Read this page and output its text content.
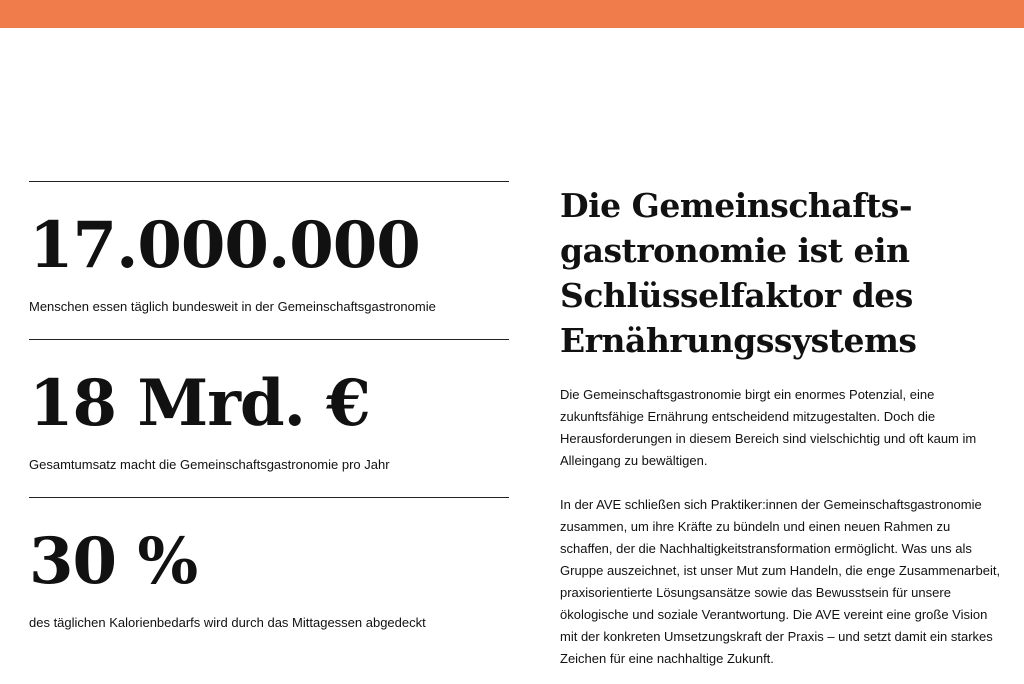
17.000.000
Menschen essen täglich bundesweit in der Gemeinschaftsgastronomie
18 Mrd. €
Gesamtumsatz macht die Gemeinschaftsgastronomie pro Jahr
30 %
des täglichen Kalorienbedarfs wird durch das Mittagessen abgedeckt
Die Gemeinschafts-
gastronomie ist ein
Schlüsselfaktor des
Ernährungssystems

Die Gemeinschaftsgastronomie birgt ein enormes Potenzial, eine
zukunftsfähige Ernährung entscheidend mitzugestalten. Doch die
Herausforderungen in diesem Bereich sind vielschichtig und oft kaum im
Alleingang zu bewältigen.

In der AVE schließen sich Praktiker:innen der Gemeinschaftsgastronomie
zusammen, um ihre Kräfte zu bündeln und einen neuen Rahmen zu
schaffen, der die Nachhaltigkeitstransformation ermöglicht. Was uns als
Gruppe auszeichnet, ist unser Mut zum Handeln, die enge Zusammenarbeit,
praxisorientierte Lösungsansätze sowie das Bewusstsein für unsere
ökologische und soziale Verantwortung. Die AVE vereint eine große Vision
mit der konkreten Umsetzungskraft der Praxis – und setzt damit ein starkes
Zeichen für eine nachhaltige Zukunft.
